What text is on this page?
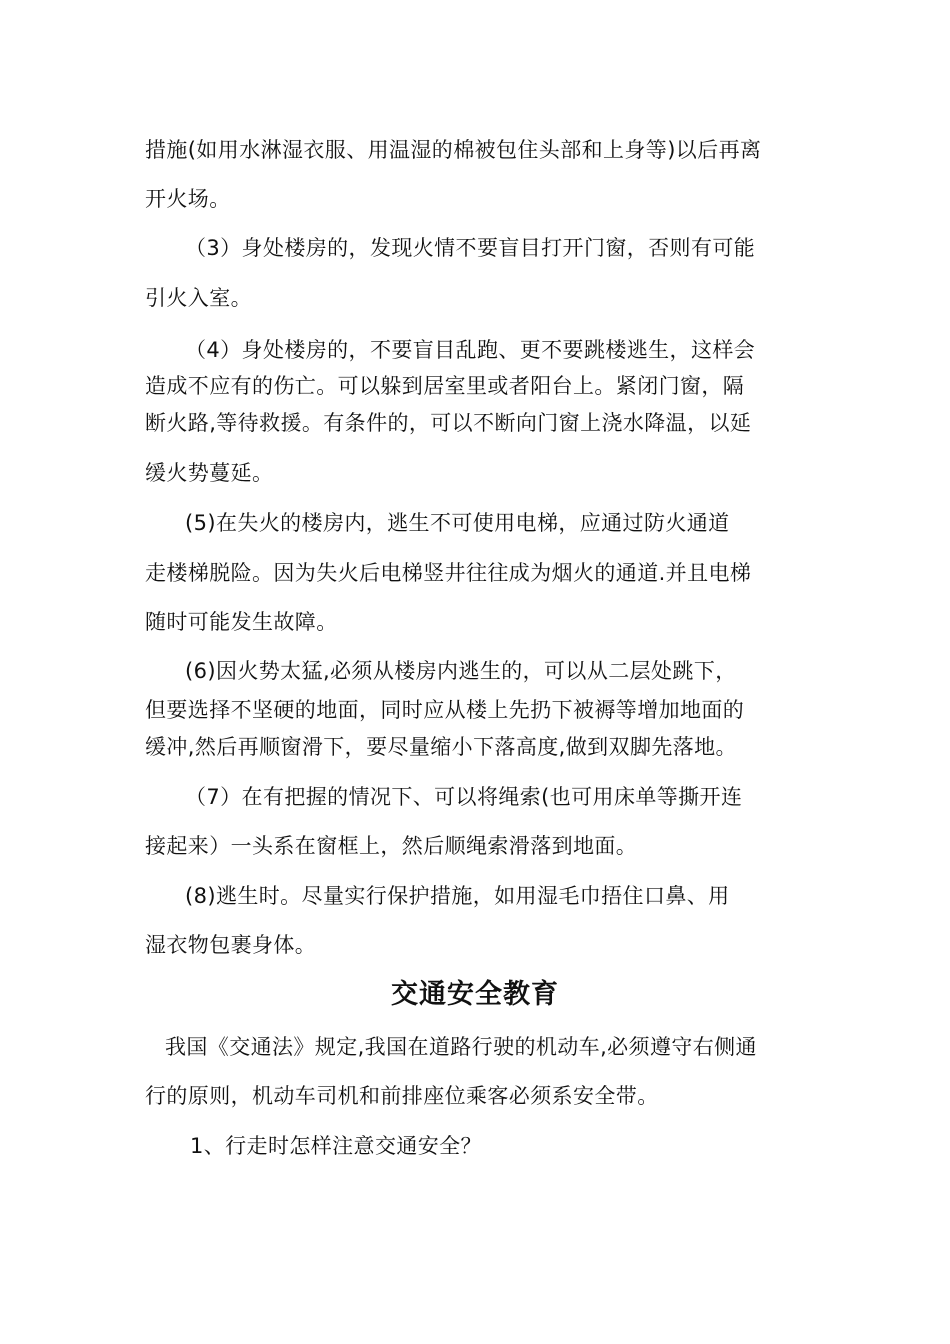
措施(如用水淋湿衣服、用温湿的棉被包住头部和上身等)以后再离
开火场。
（3）身处楼房的，发现火情不要盲目打开门窗，否则有可能
引火入室。
（4）身处楼房的，不要盲目乱跑、更不要跳楼逃生，这样会
造成不应有的伤亡。可以躲到居室里或者阳台上。紧闭门窗，隔
断火路,等待救援。有条件的，可以不断向门窗上浇水降温，以延
缓火势蔓延。
(5)在失火的楼房内，逃生不可使用电梯，应通过防火通道
走楼梯脱险。因为失火后电梯竖井往往成为烟火的通道.并且电梯
随时可能发生故障。
(6)因火势太猛,必须从楼房内逃生的，可以从二层处跳下，
但要选择不坚硬的地面，同时应从楼上先扔下被褥等增加地面的
缓冲,然后再顺窗滑下，要尽量缩小下落高度,做到双脚先落地。
（7）在有把握的情况下、可以将绳索(也可用床单等撕开连
接起来）一头系在窗框上，然后顺绳索滑落到地面。
(8)逃生时。尽量实行保护措施，如用湿毛巾捂住口鼻、用
湿衣物包裹身体。
交通安全教育
我国《交通法》规定,我国在道路行驶的机动车,必须遵守右侧通
行的原则，机动车司机和前排座位乘客必须系安全带。
1、行走时怎样注意交通安全？
